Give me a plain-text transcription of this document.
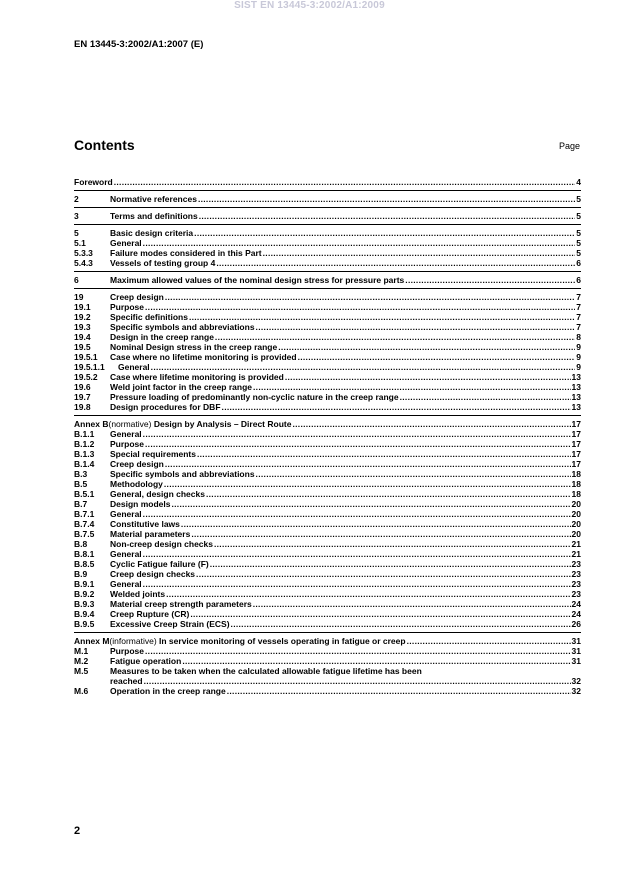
SIST EN 13445-3:2002/A1:2009
EN 13445-3:2002/A1:2007 (E)
Contents	Page
Foreword .....	4
2	Normative references .....	5
3	Terms and definitions .....	5
5	Basic design criteria .....	5
5.1	General .....	5
5.3.3	Failure modes considered in this Part .....	5
5.4.3	Vessels of testing group 4 .....	6
6	Maximum allowed values of the nominal design stress for pressure parts .....	6
19	Creep design .....	7
19.1	Purpose .....	7
19.2	Specific definitions .....	7
19.3	Specific symbols and abbreviations .....	7
19.4	Design in the creep range .....	8
19.5	Nominal Design stress in the creep range .....	9
19.5.1	Case where no lifetime monitoring is provided .....	9
19.5.1.1	General .....	9
19.5.2	Case where lifetime monitoring is provided .....	13
19.6	Weld joint factor in the creep range .....	13
19.7	Pressure loading of predominantly non-cyclic nature in the creep range .....	13
19.8	Design procedures for DBF .....	13
Annex B (normative) Design by Analysis – Direct Route .....	17
B.1.1	General .....	17
B.1.2	Purpose .....	17
B.1.3	Special requirements .....	17
B.1.4	Creep design .....	17
B.3	Specific symbols and abbreviations .....	18
B.5	Methodology .....	18
B.5.1	General, design checks .....	18
B.7	Design models .....	20
B.7.1	General .....	20
B.7.4	Constitutive laws .....	20
B.7.5	Material parameters .....	20
B.8	Non-creep design checks .....	21
B.8.1	General .....	21
B.8.5	Cyclic Fatigue failure (F) .....	23
B.9	Creep design checks .....	23
B.9.1	General .....	23
B.9.2	Welded joints .....	23
B.9.3	Material creep strength parameters .....	24
B.9.4	Creep Rupture (CR) .....	24
B.9.5	Excessive Creep Strain (ECS) .....	26
Annex M (informative) In service monitoring of vessels operating in fatigue or creep .....	31
M.1	Purpose .....	31
M.2	Fatigue operation .....	31
M.5	Measures to be taken when the calculated allowable fatigue lifetime has been
reached .....	32
M.6	Operation in the creep range .....	32
2
